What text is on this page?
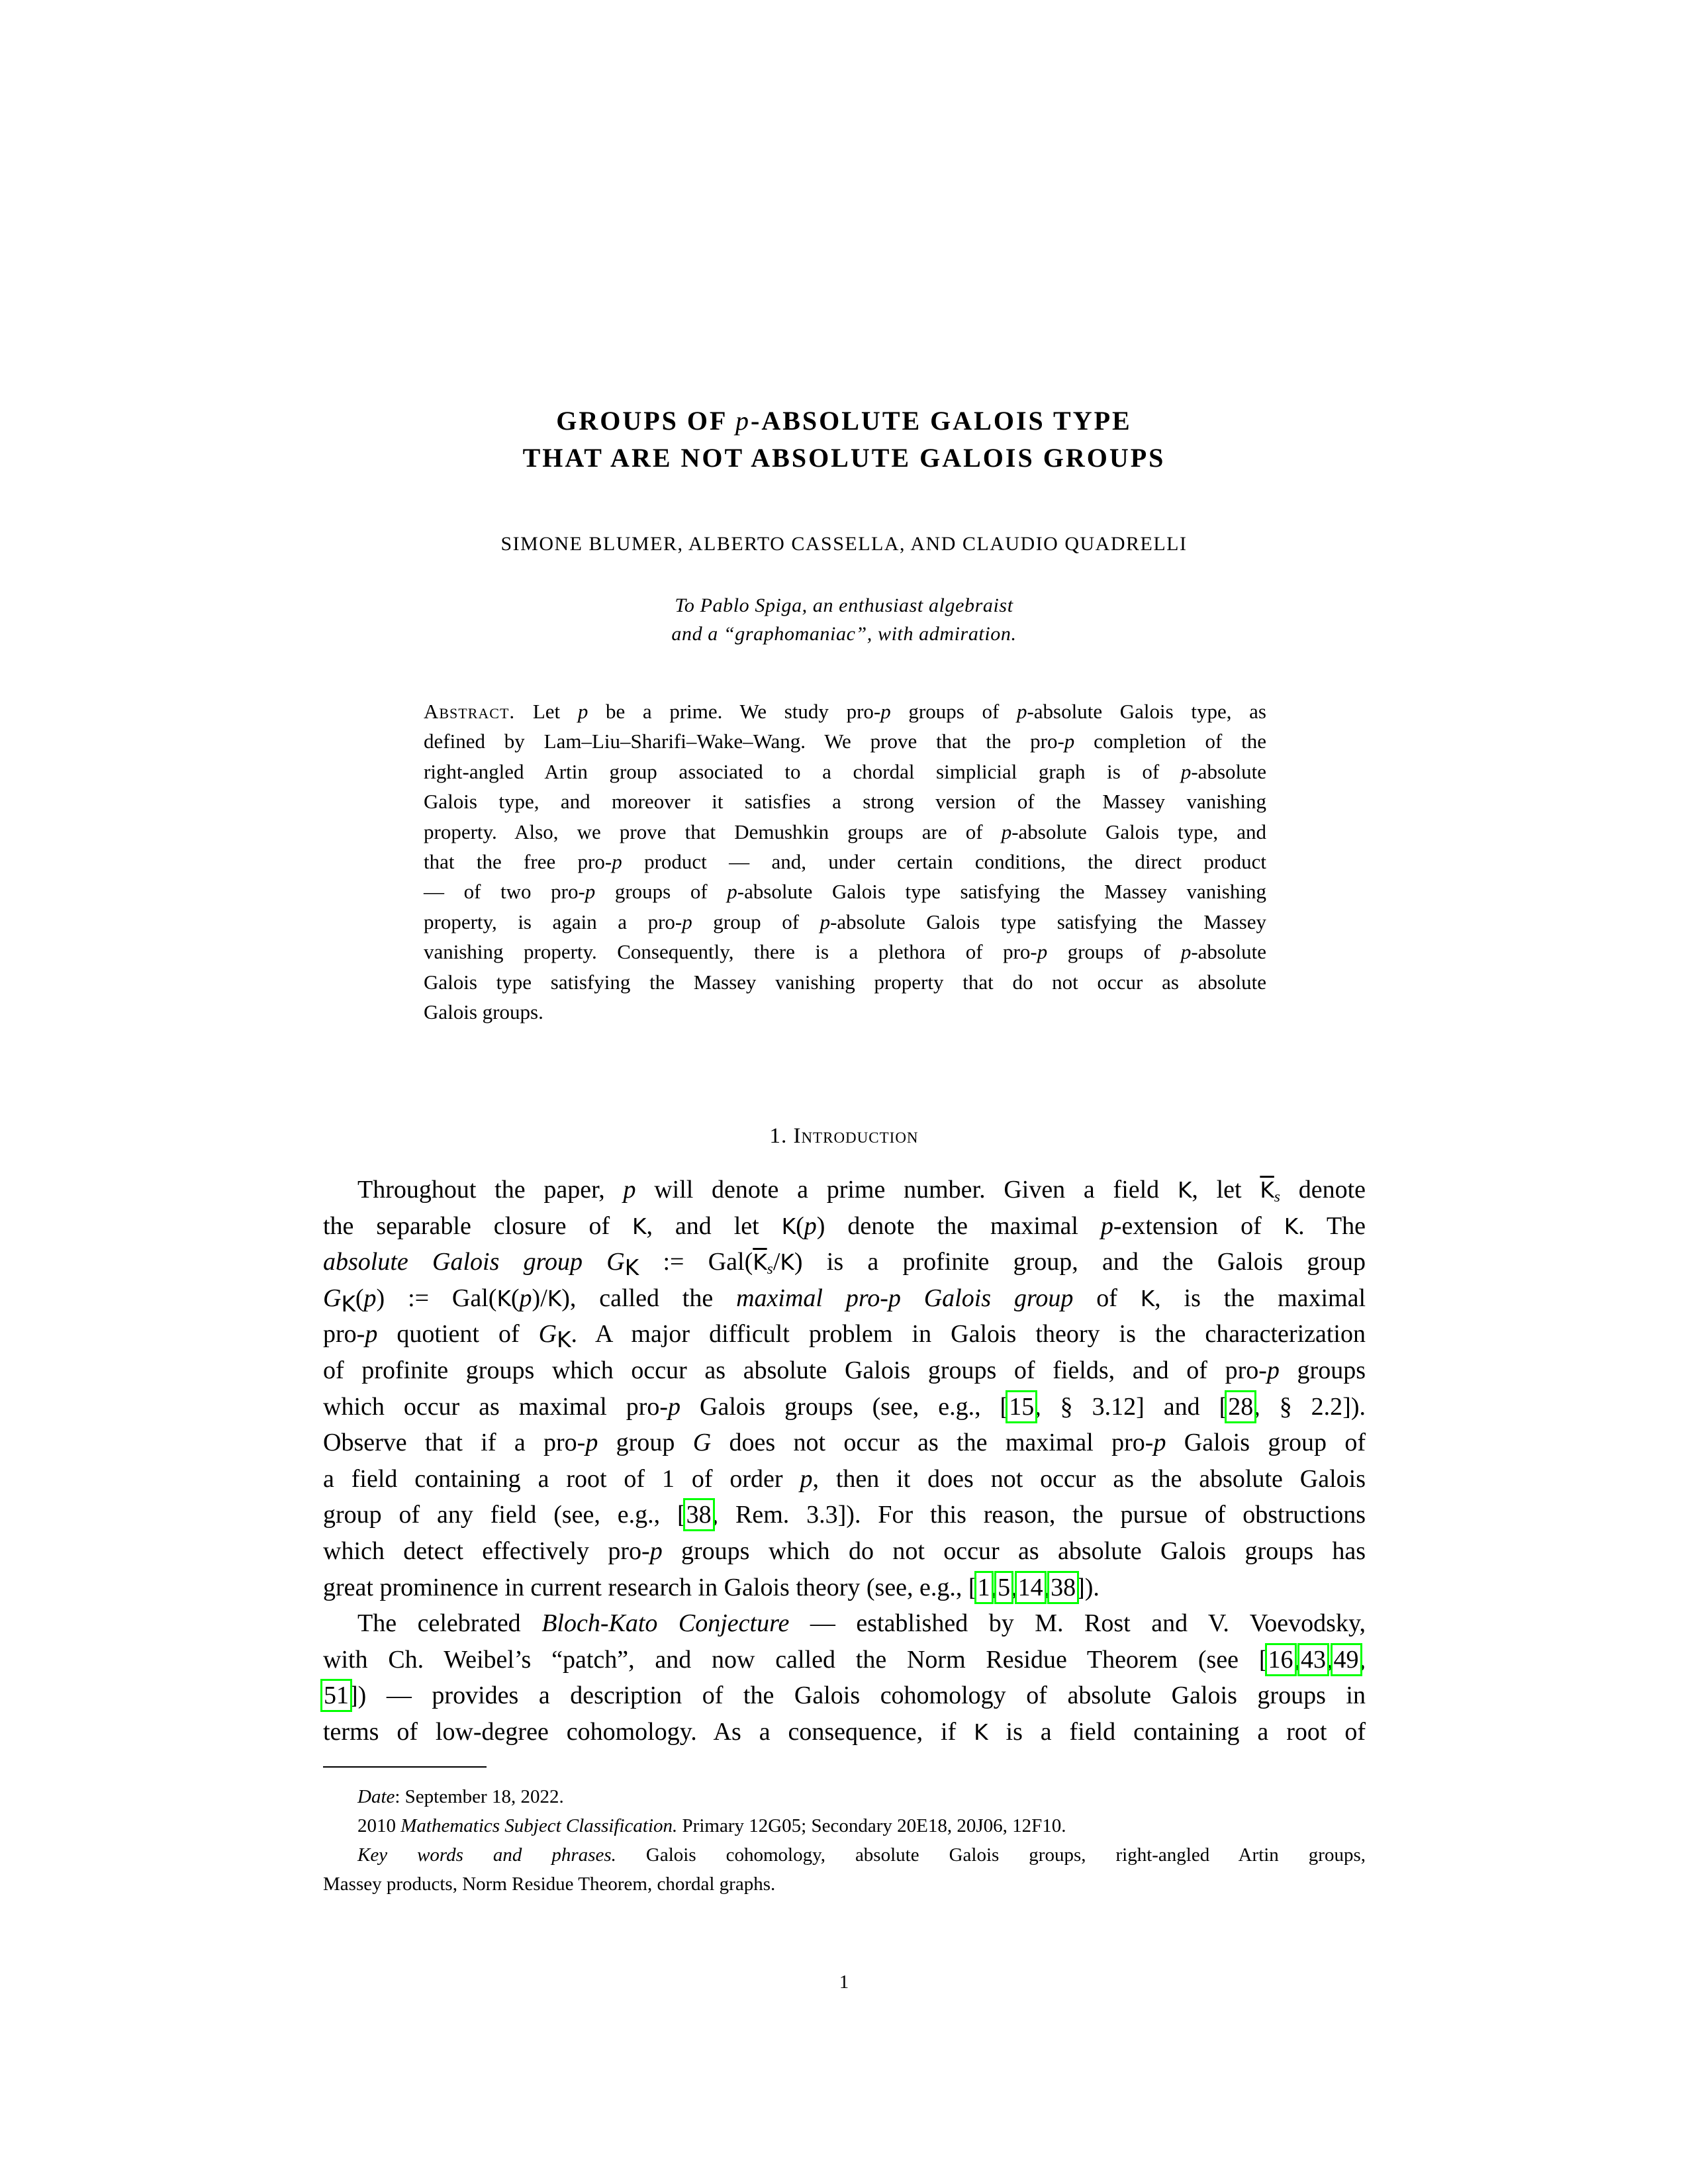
GROUPS OF p-ABSOLUTE GALOIS TYPE
THAT ARE NOT ABSOLUTE GALOIS GROUPS
SIMONE BLUMER, ALBERTO CASSELLA, AND CLAUDIO QUADRELLI
To Pablo Spiga, an enthusiast algebraist
and a “graphomaniac”, with admiration.
Abstract. Let p be a prime. We study pro-p groups of p-absolute Galois type, as
defined by Lam–Liu–Sharifi–Wake–Wang. We prove that the pro-p completion of the
right-angled Artin group associated to a chordal simplicial graph is of p-absolute
Galois type, and moreover it satisfies a strong version of the Massey vanishing
property. Also, we prove that Demushkin groups are of p-absolute Galois type, and
that the free pro-p product — and, under certain conditions, the direct product
— of two pro-p groups of p-absolute Galois type satisfying the Massey vanishing
property, is again a pro-p group of p-absolute Galois type satisfying the Massey
vanishing property. Consequently, there is a plethora of pro-p groups of p-absolute
Galois type satisfying the Massey vanishing property that do not occur as absolute
Galois groups.
1. Introduction
Throughout the paper, p will denote a prime number. Given a field K, let $\overline{K}_s$ denote
the separable closure of K, and let K(p) denote the maximal p-extension of K. The
absolute Galois group $G_K$ := $Gal(\overline{K}_s/K)$ is a profinite group, and the Galois group
$G_K(p)$ := Gal(K(p)/K), called the maximal pro-p Galois group of K, is the maximal
pro-p quotient of $G_K$. A major difficult problem in Galois theory is the characterization
of profinite groups which occur as absolute Galois groups of fields, and of pro-p groups
which occur as maximal pro-p Galois groups (see, e.g., [15, § 3.12] and [28, § 2.2]).
Observe that if a pro-p group G does not occur as the maximal pro-p Galois group of
a field containing a root of 1 of order p, then it does not occur as the absolute Galois
group of any field (see, e.g., [38, Rem. 3.3]). For this reason, the pursue of obstructions
which detect effectively pro-p groups which do not occur as absolute Galois groups has
great prominence in current research in Galois theory (see, e.g., [1,5,14,38]).
The celebrated Bloch-Kato Conjecture — established by M. Rost and V. Voevodsky,
with Ch. Weibel’s “patch”, and now called the Norm Residue Theorem (see [16,43,49,
51]) — provides a description of the Galois cohomology of absolute Galois groups in
terms of low-degree cohomology. As a consequence, if K is a field containing a root of
Date: September 18, 2022.
2010 Mathematics Subject Classification. Primary 12G05; Secondary 20E18, 20J06, 12F10.
Key words and phrases. Galois cohomology, absolute Galois groups, right-angled Artin groups,
Massey products, Norm Residue Theorem, chordal graphs.
1
